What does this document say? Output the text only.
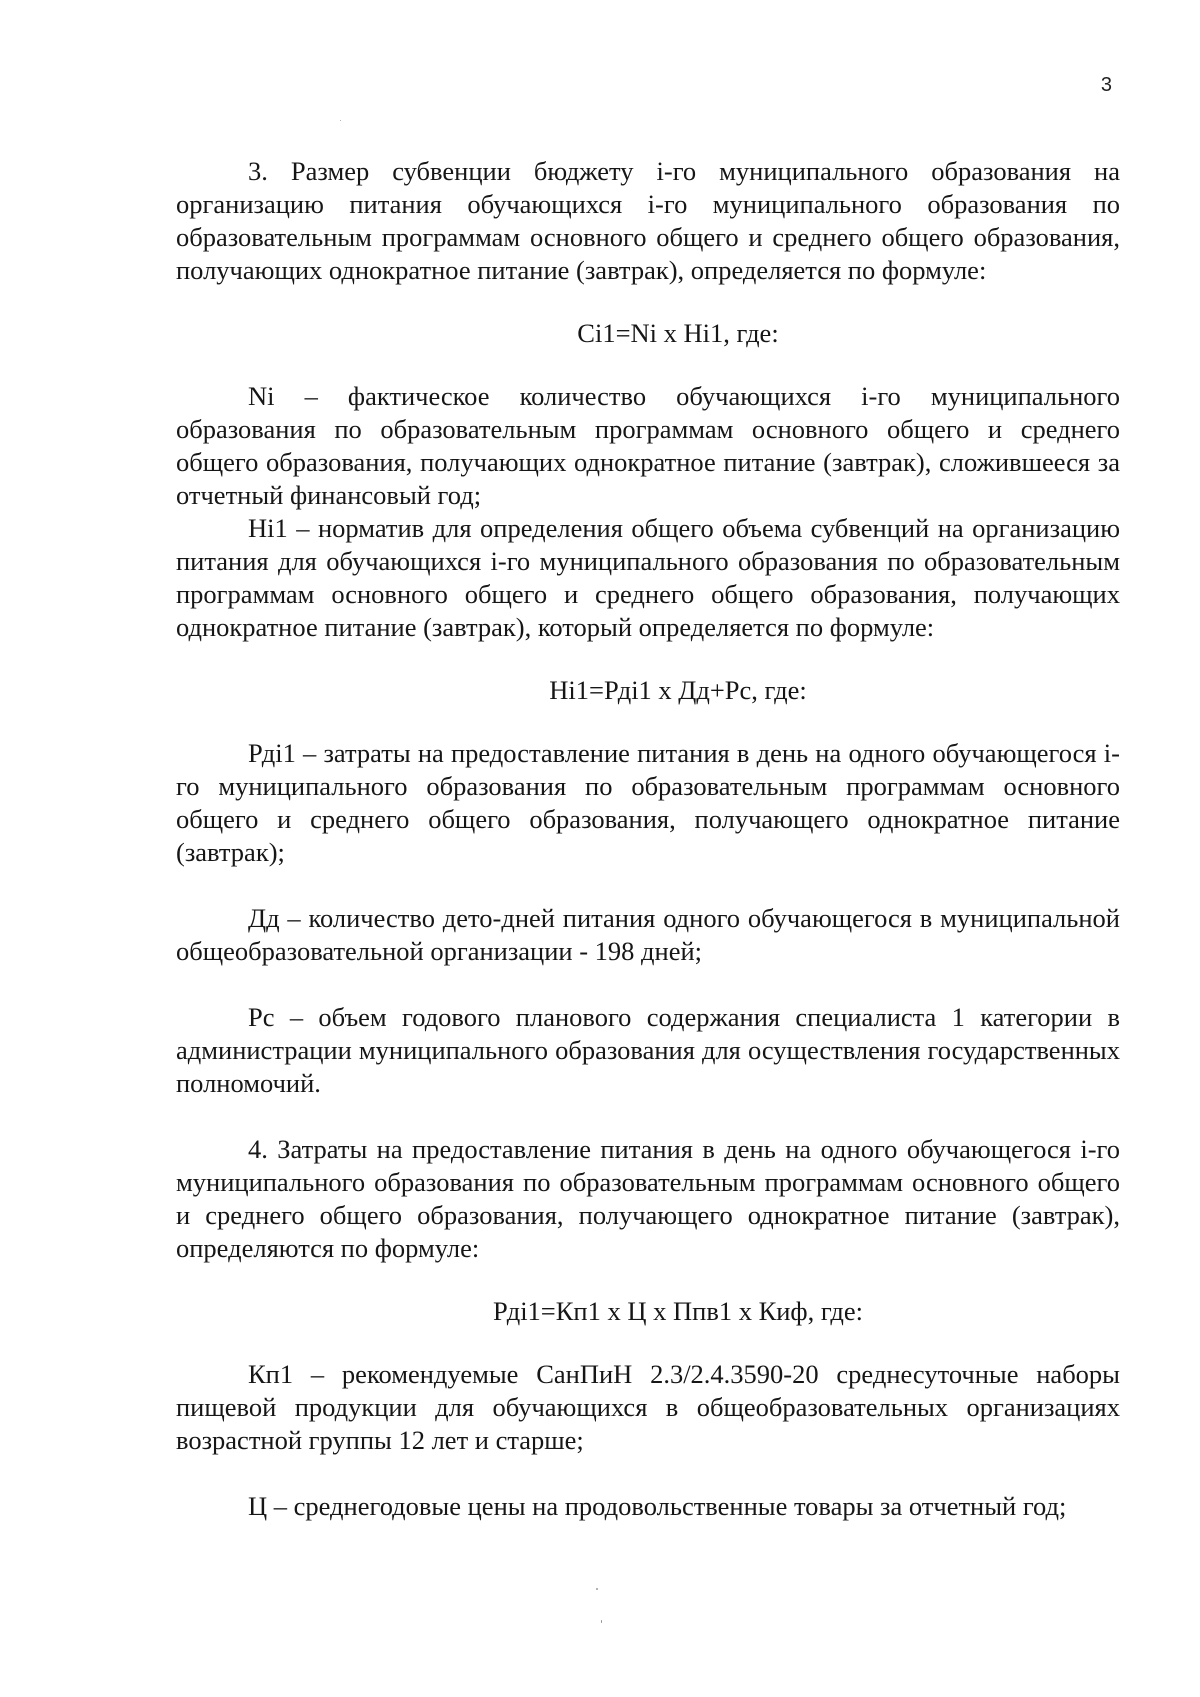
3

3. Размер субвенции бюджету i-го муниципального образования на организацию питания обучающихся i-го муниципального образования по образовательным программам основного общего и среднего общего образования, получающих однократное питание (завтрак), определяется по формуле:

Ci1=Ni x Hi1, где:

Ni – фактическое количество обучающихся i-го муниципального образования по образовательным программам основного общего и среднего общего образования, получающих однократное питание (завтрак), сложившееся за отчетный финансовый год;

Hi1 – норматив для определения общего объема субвенций на организацию питания для обучающихся i-го муниципального образования по образовательным программам основного общего и среднего общего образования, получающих однократное питание (завтрак), который определяется по формуле:

Hi1=Рдi1 x Дд+Рс, где:

Рдi1 – затраты на предоставление питания в день на одного обучающегося i-го муниципального образования по образовательным программам основного общего и среднего общего образования, получающего однократное питание (завтрак);

Дд – количество дето-дней питания одного обучающегося в муниципальной общеобразовательной организации - 198 дней;

Рс – объем годового планового содержания специалиста 1 категории в администрации муниципального образования для осуществления государственных полномочий.

4. Затраты на предоставление питания в день на одного обучающегося i-го муниципального образования по образовательным программам основного общего и среднего общего образования, получающего однократное питание (завтрак), определяются по формуле:

Рдi1=Кп1 x Ц x Ппв1 x Киф, где:

Кп1 – рекомендуемые СанПиН 2.3/2.4.3590-20 среднесуточные наборы пищевой продукции для обучающихся в общеобразовательных организациях возрастной группы 12 лет и старше;

Ц – среднегодовые цены на продовольственные товары за отчетный год;
